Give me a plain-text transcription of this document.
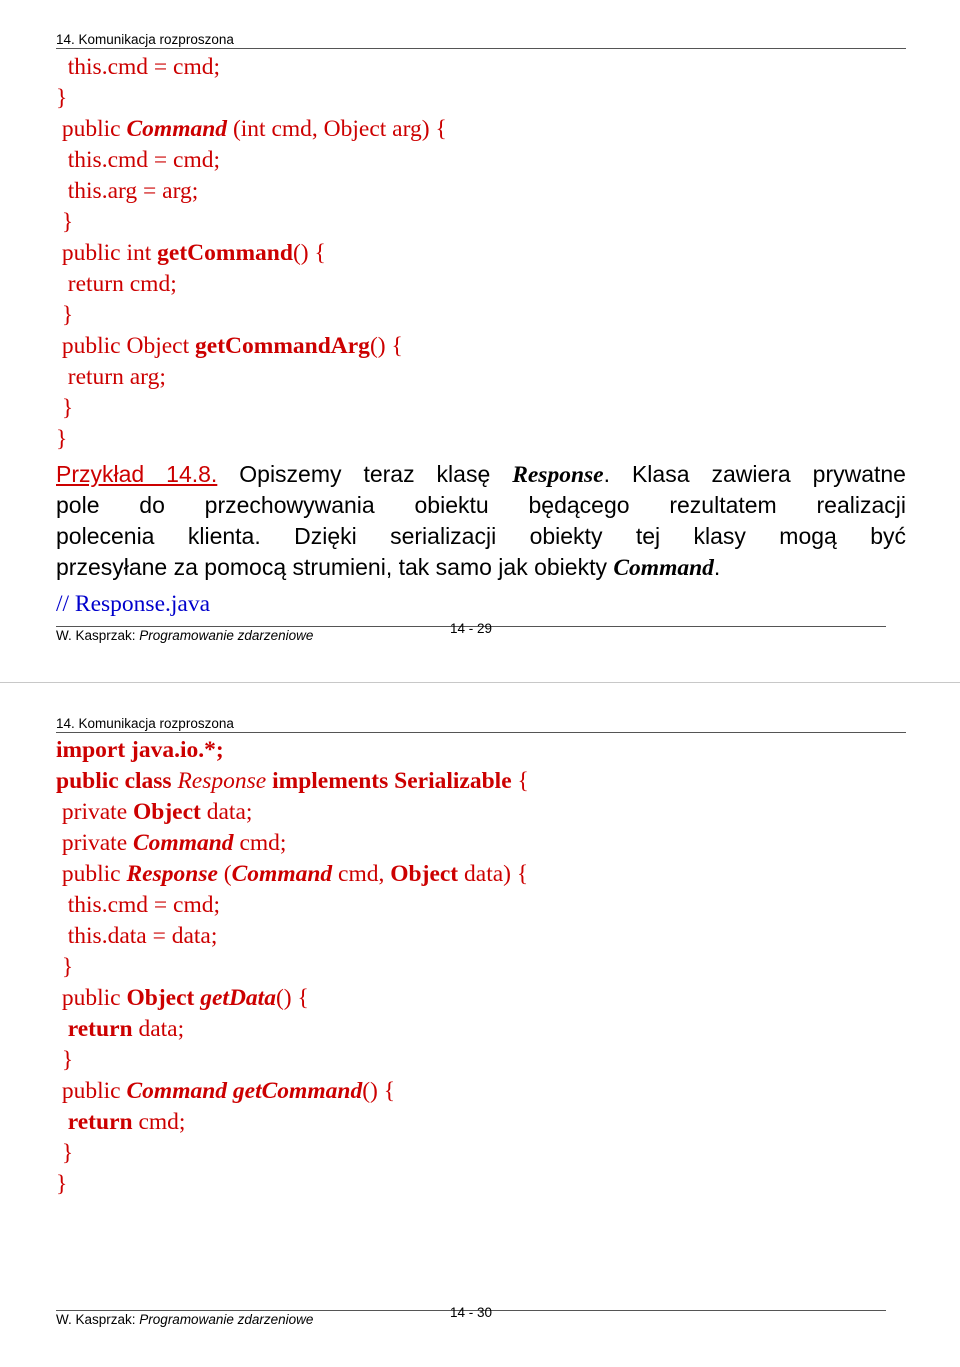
14. Komunikacja rozproszona
this.cmd = cmd;
}
public Command (int cmd, Object arg) {
this.cmd = cmd;
this.arg = arg;
}
public int getCommand() {
return cmd;
}
public Object getCommandArg() {
return arg;
}
}
Przykład 14.8. Opiszemy teraz klasę Response. Klasa zawiera prywatne
pole do przechowywania obiektu będącego rezultatem realizacji
polecenia klienta. Dzięki serializacji obiekty tej klasy mogą być
przesyłane za pomocą strumieni, tak samo jak obiekty Command.
// Response.java
W. Kasprzak: Programowanie zdarzeniowe	14 - 29
14. Komunikacja rozproszona
import java.io.*;
public class Response implements Serializable {
private Object data;
private Command cmd;
public Response (Command cmd, Object data) {
this.cmd = cmd;
this.data = data;
}
public Object getData() {
return data;
}
public Command getCommand() {
return cmd;
}
}
W. Kasprzak: Programowanie zdarzeniowe	14 - 30
